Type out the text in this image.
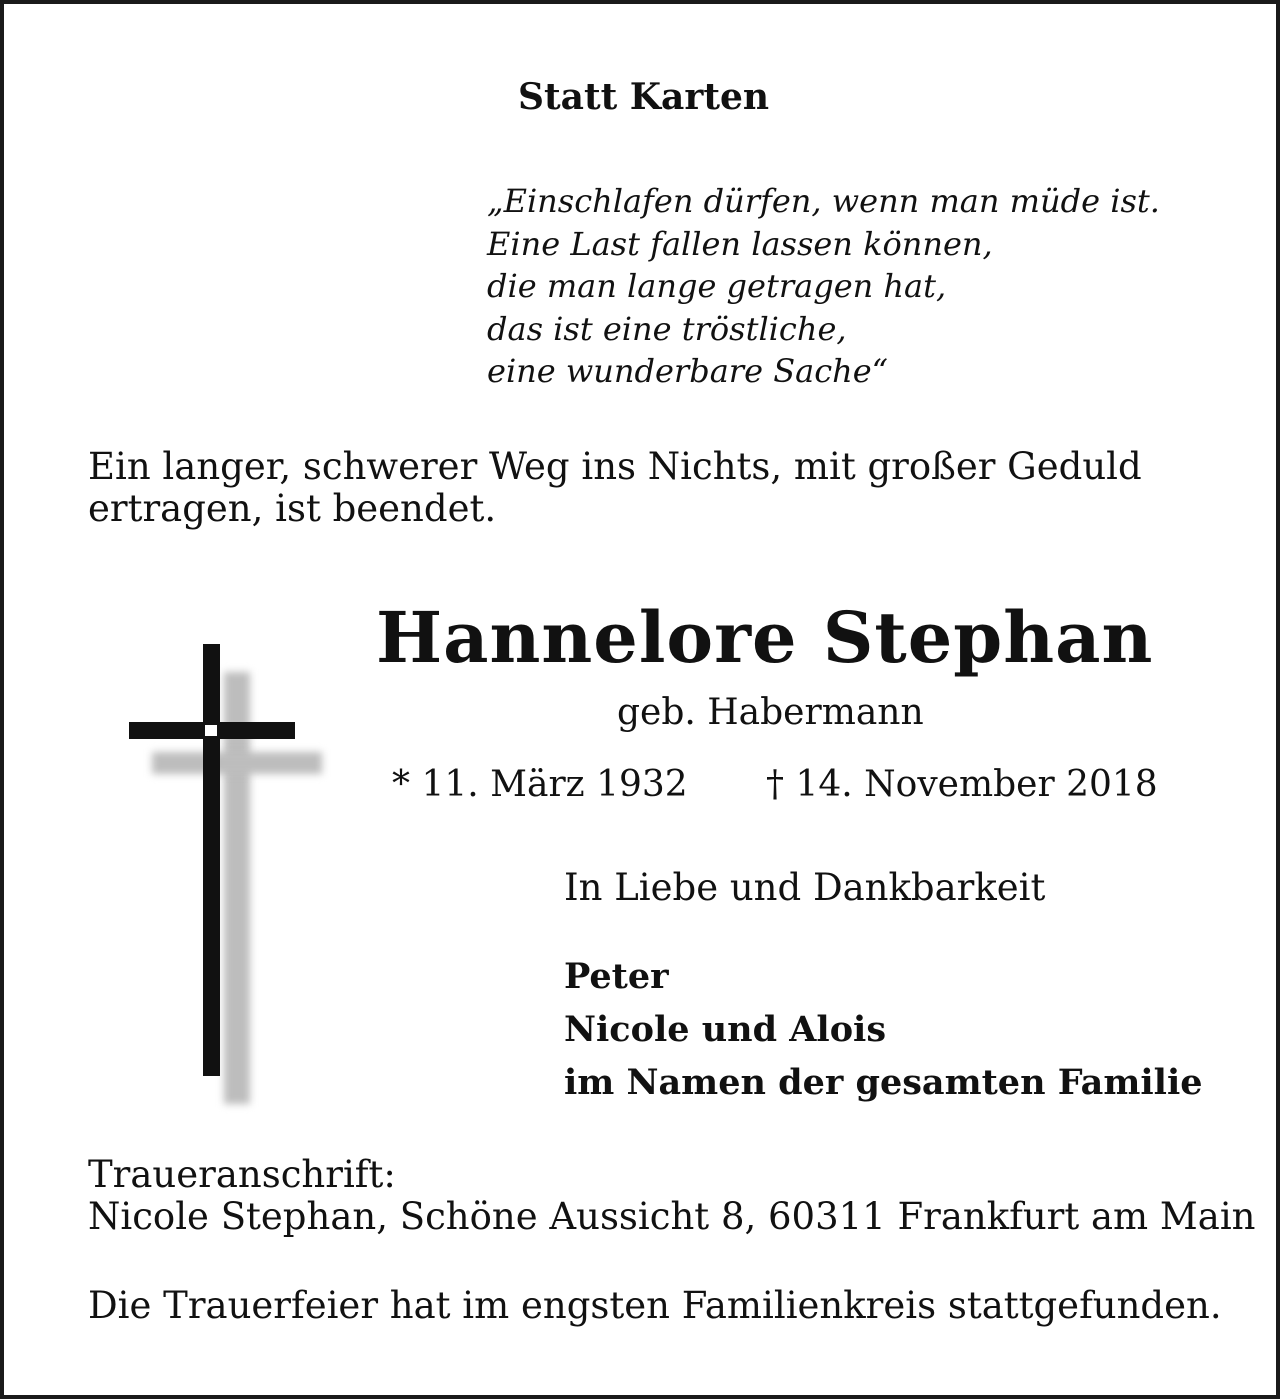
Statt Karten
„Einschlafen dürfen, wenn man müde ist.
Eine Last fallen lassen können,
die man lange getragen hat,
das ist eine tröstliche,
eine wunderbare Sache“
Ein langer, schwerer Weg ins Nichts, mit großer Geduld
ertragen, ist beendet.
Hannelore Stephan
geb. Habermann
* 11. März 1932 † 14. November 2018
In Liebe und Dankbarkeit
Peter
Nicole und Alois
im Namen der gesamten Familie
Traueranschrift:
Nicole Stephan, Schöne Aussicht 8, 60311 Frankfurt am Main
Die Trauerfeier hat im engsten Familienkreis stattgefunden.
